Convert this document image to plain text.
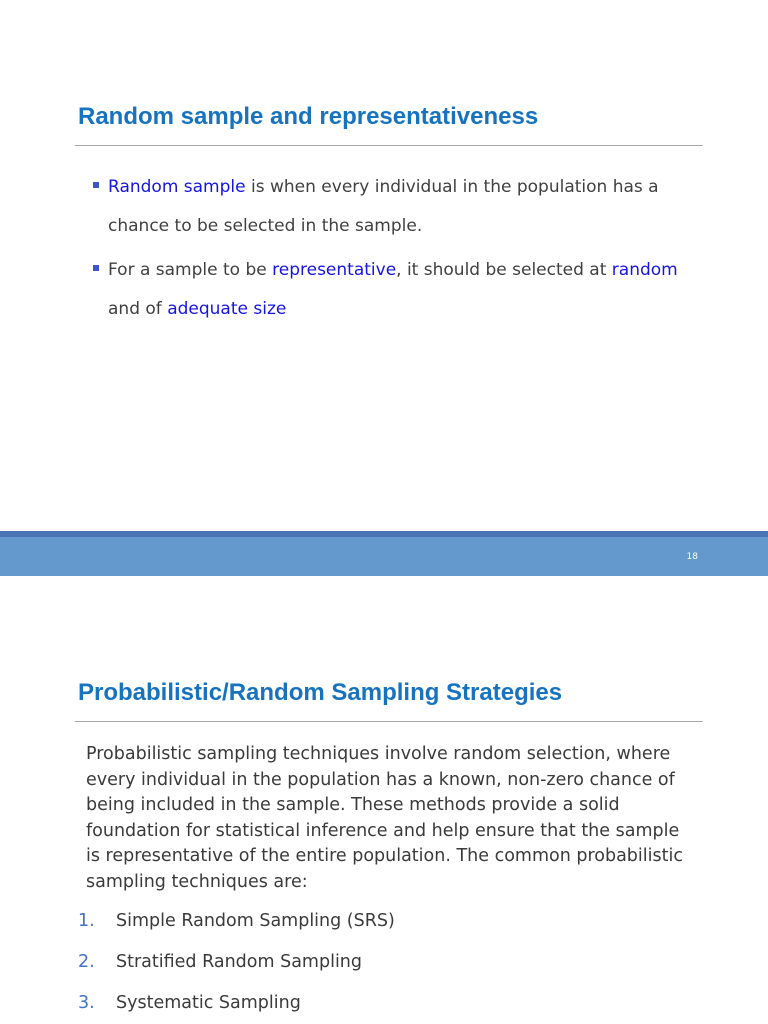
Random sample and representativeness
Random sample is when every individual in the population has a chance to be selected in the sample.
For a sample to be representative, it should be selected at random and of adequate size
18
Probabilistic/Random Sampling Strategies

Probabilistic sampling techniques involve random selection, where every individual in the population has a known, non-zero chance of being included in the sample. These methods provide a solid foundation for statistical inference and help ensure that the sample is representative of the entire population. The common probabilistic sampling techniques are:

1. Simple Random Sampling (SRS)
2. Stratified Random Sampling
3. Systematic Sampling
